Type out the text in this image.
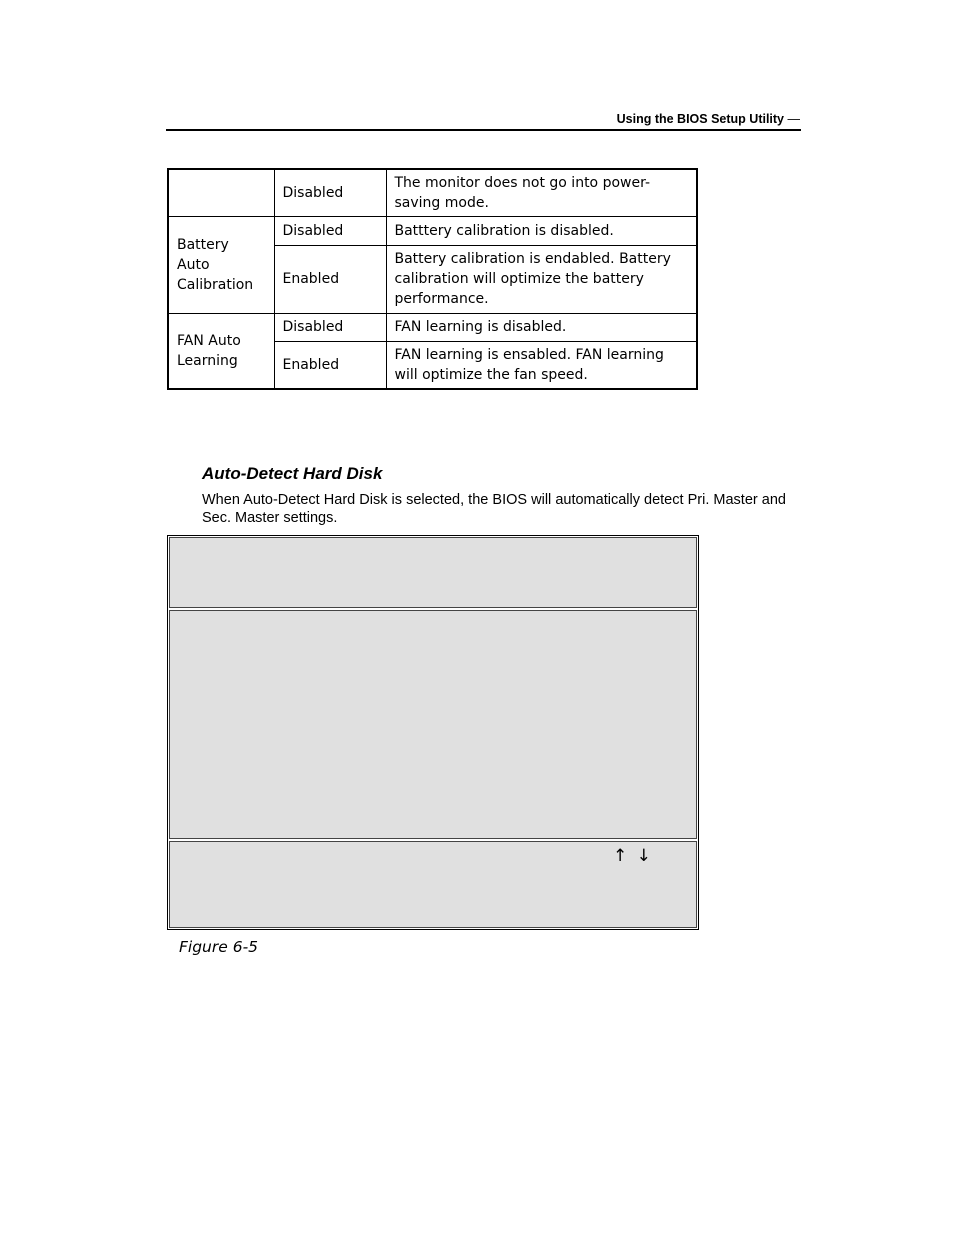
Using the BIOS Setup Utility —
	Disabled	The monitor does not go into power-saving mode.
Battery Auto Calibration	Disabled	Batttery calibration is disabled.
	Enabled	Battery calibration is endabled. Battery calibration will optimize the battery performance.
FAN Auto Learning	Disabled	FAN learning is disabled.
	Enabled	FAN learning is ensabled. FAN learning will optimize the fan speed.
Auto-Detect Hard Disk
When Auto-Detect Hard Disk is selected, the BIOS will automatically detect Pri. Master and Sec. Master settings.
↑ ↓
Figure 6-5
